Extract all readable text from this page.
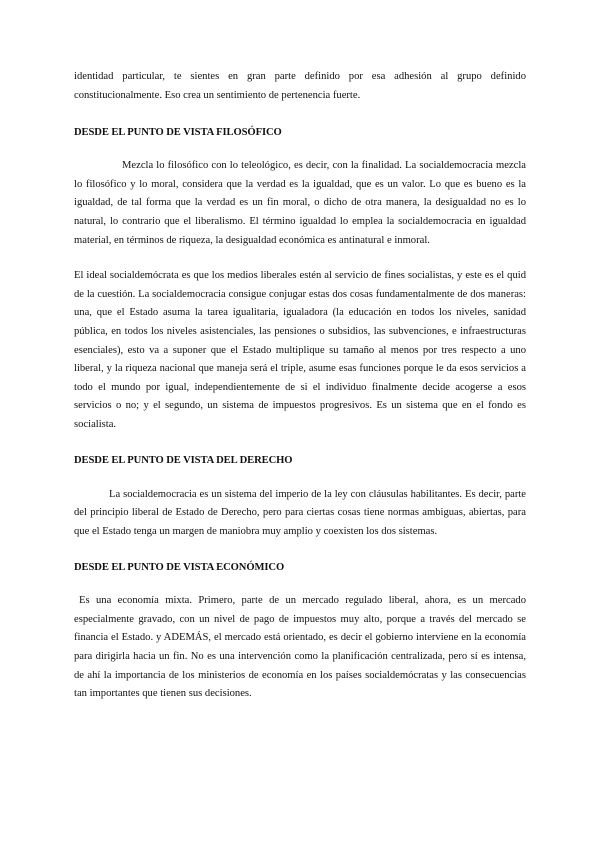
identidad particular, te sientes en gran parte definido por esa adhesión al grupo definido constitucionalmente. Eso crea un sentimiento de pertenencia fuerte.

DESDE EL PUNTO DE VISTA FILOSÓFICO

Mezcla lo filosófico con lo teleológico, es decir, con la finalidad. La socialdemocracia mezcla lo filosófico y lo moral, considera que la verdad es la igualdad, que es un valor. Lo que es bueno es la igualdad, de tal forma que la verdad es un fin moral, o dicho de otra manera, la desigualdad no es lo natural, lo contrario que el liberalismo. El término igualdad lo emplea la socialdemocracia en igualdad material, en términos de riqueza, la desigualdad económica es antinatural e inmoral.

El ideal socialdemócrata es que los medios liberales estén al servicio de fines socialistas, y este es el quid de la cuestión. La socialdemocracia consigue conjugar estas dos cosas fundamentalmente de dos maneras: una, que el Estado asuma la tarea igualitaria, igualadora (la educación en todos los niveles, sanidad pública, en todos los niveles asistenciales, las pensiones o subsidios, las subvenciones, e infraestructuras esenciales), esto va a suponer que el Estado multiplique su tamaño al menos por tres respecto a uno liberal, y la riqueza nacional que maneja será el triple, asume esas funciones porque le da esos servicios a todo el mundo por igual, independientemente de si el individuo finalmente decide acogerse a esos servicios o no; y el segundo, un sistema de impuestos progresivos. Es un sistema que en el fondo es socialista.

DESDE EL PUNTO DE VISTA DEL DERECHO

La socialdemocracia es un sistema del imperio de la ley con cláusulas habilitantes. Es decir, parte del principio liberal de Estado de Derecho, pero para ciertas cosas tiene normas ambiguas, abiertas, para que el Estado tenga un margen de maniobra muy amplio y coexisten los dos sistemas.

DESDE EL PUNTO DE VISTA ECONÓMICO

Es una economía mixta. Primero, parte de un mercado regulado liberal, ahora, es un mercado especialmente gravado, con un nivel de pago de impuestos muy alto, porque a través del mercado se financia el Estado. y ADEMÁS, el mercado está orientado, es decir el gobierno interviene en la economía para dirigirla hacia un fin. No es una intervención como la planificación centralizada, pero sí es intensa, de ahí la importancia de los ministerios de economía en los países socialdemócratas y las consecuencias tan importantes que tienen sus decisiones.
